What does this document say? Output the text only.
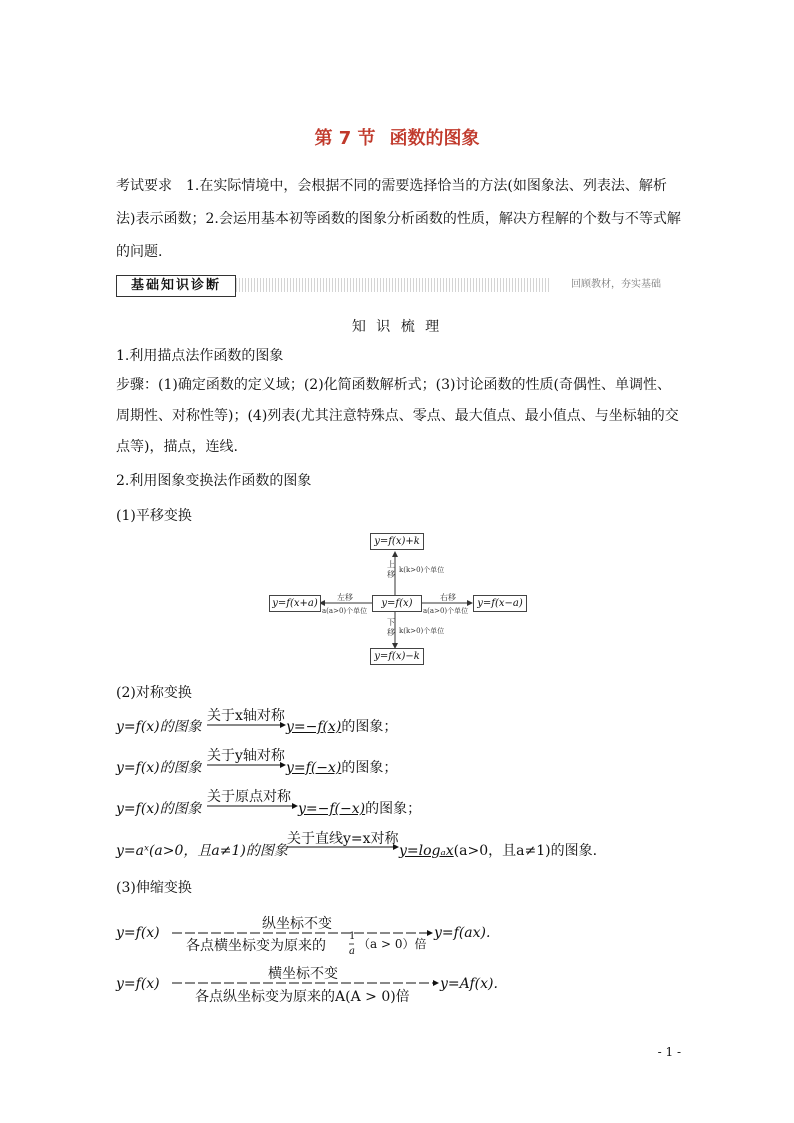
第 7 节 函数的图象
考试要求 1.在实际情境中，会根据不同的需要选择恰当的方法(如图象法、列表法、解析法)表示函数；2.会运用基本初等函数的图象分析函数的性质，解决方程解的个数与不等式解的问题.
基础知识诊断	回顾教材，夯实基础
知 识 梳 理
1.利用描点法作函数的图象
步骤：(1)确定函数的定义域；(2)化简函数解析式；(3)讨论函数的性质(奇偶性、单调性、周期性、对称性等)；(4)列表(尤其注意特殊点、零点、最大值点、最小值点、与坐标轴的交点等)，描点，连线.
2.利用图象变换法作函数的图象
(1)平移变换
y=f(x)+k
y=f(x)
y=f(x)−k
y=f(x+a)	y=f(x−a)
上移 k(k>0)个单位
下移 k(k>0)个单位
左移
a(a>0)个单位
右移
a(a>0)个单位
(2)对称变换
y=f(x)的图象
关于x轴对称
y=−f(x)的图象；
y=f(x)的图象
关于y轴对称
y=f(−x)的图象；
y=f(x)的图象
关于原点对称
y=−f(−x)的图象；
y=aˣ(a>0，且a≠1)的图象
关于直线y=x对称
y=logₐx(a>0，且a≠1)的图象.
(3)伸缩变换
y=f(x)
纵坐标不变
各点横坐标变为原来的
1
a
（a > 0）倍
y=f(ax).
y=f(x)
横坐标不变
各点纵坐标变为原来的A(A > 0)倍
y=Af(x).
- 1 -
